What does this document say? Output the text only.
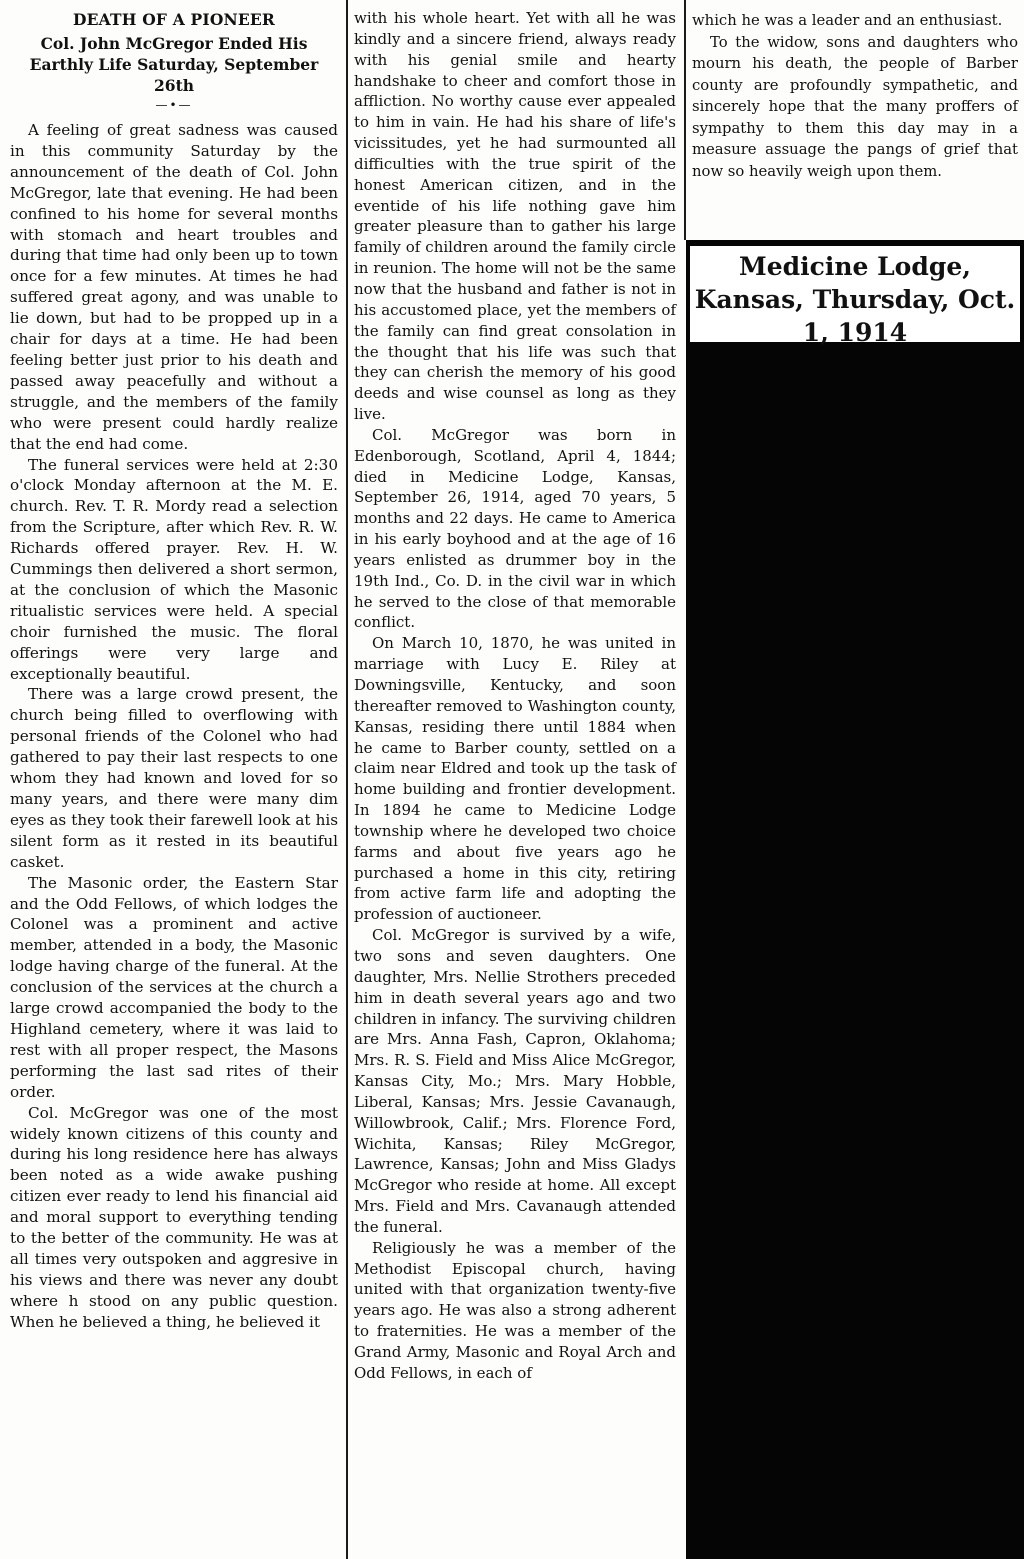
DEATH OF A PIONEER
Col. John McGregor Ended His Earthly Life Saturday, September 26th
—•—

A feeling of great sadness was caused in this community Saturday by the announcement of the death of Col. John McGregor, late that evening. He had been confined to his home for several months with stomach and heart troubles and during that time had only been up to town once for a few minutes. At times he had suffered great agony, and was unable to lie down, but had to be propped up in a chair for days at a time. He had been feeling better just prior to his death and passed away peacefully and without a struggle, and the members of the family who were present could hardly realize that the end had come.

The funeral services were held at 2:30 o'clock Monday afternoon at the M. E. church. Rev. T. R. Mordy read a selection from the Scripture, after which Rev. R. W. Richards offered prayer. Rev. H. W. Cummings then delivered a short sermon, at the conclusion of which the Masonic ritualistic services were held. A special choir furnished the music. The floral offerings were very large and exceptionally beautiful.

There was a large crowd present, the church being filled to overflowing with personal friends of the Colonel who had gathered to pay their last respects to one whom they had known and loved for so many years, and there were many dim eyes as they took their farewell look at his silent form as it rested in its beautiful casket.

The Masonic order, the Eastern Star and the Odd Fellows, of which lodges the Colonel was a prominent and active member, attended in a body, the Masonic lodge having charge of the funeral. At the conclusion of the services at the church a large crowd accompanied the body to the Highland cemetery, where it was laid to rest with all proper respect, the Masons performing the last sad rites of their order.

Col. McGregor was one of the most widely known citizens of this county and during his long residence here has always been noted as a wide awake pushing citizen ever ready to lend his financial aid and moral support to everything tending to the better of the community. He was at all times very outspoken and aggresive in his views and there was never any doubt where h stood on any public question. When he believed a thing, he believed it

with his whole heart. Yet with all he was kindly and a sincere friend, always ready with his genial smile and hearty handshake to cheer and comfort those in affliction. No worthy cause ever appealed to him in vain. He had his share of life's vicissitudes, yet he had surmounted all difficulties with the true spirit of the honest American citizen, and in the eventide of his life nothing gave him greater pleasure than to gather his large family of children around the family circle in reunion. The home will not be the same now that the husband and father is not in his accustomed place, yet the members of the family can find great consolation in the thought that his life was such that they can cherish the memory of his good deeds and wise counsel as long as they live.

Col. McGregor was born in Edenborough, Scotland, April 4, 1844; died in Medicine Lodge, Kansas, September 26, 1914, aged 70 years, 5 months and 22 days. He came to America in his early boyhood and at the age of 16 years enlisted as drummer boy in the 19th Ind., Co. D. in the civil war in which he served to the close of that memorable conflict.

On March 10, 1870, he was united in marriage with Lucy E. Riley at Downingsville, Kentucky, and soon thereafter removed to Washington county, Kansas, residing there until 1884 when he came to Barber county, settled on a claim near Eldred and took up the task of home building and frontier development. In 1894 he came to Medicine Lodge township where he developed two choice farms and about five years ago he purchased a home in this city, retiring from active farm life and adopting the profession of auctioneer.

Col. McGregor is survived by a wife, two sons and seven daughters. One daughter, Mrs. Nellie Strothers preceded him in death several years ago and two children in infancy. The surviving children are Mrs. Anna Fash, Capron, Oklahoma; Mrs. R. S. Field and Miss Alice McGregor, Kansas City, Mo.; Mrs. Mary Hobble, Liberal, Kansas; Mrs. Jessie Cavanaugh, Willowbrook, Calif.; Mrs. Florence Ford, Wichita, Kansas; Riley McGregor, Lawrence, Kansas; John and Miss Gladys McGregor who reside at home. All except Mrs. Field and Mrs. Cavanaugh attended the funeral.

Religiously he was a member of the Methodist Episcopal church, having united with that organization twenty-five years ago. He was also a strong adherent to fraternities. He was a member of the Grand Army, Masonic and Royal Arch and Odd Fellows, in each of

which he was a leader and an enthusiast.

To the widow, sons and daughters who mourn his death, the people of Barber county are profoundly sympathetic, and sincerely hope that the many proffers of sympathy to them this day may in a measure assuage the pangs of grief that now so heavily weigh upon them.

Medicine Lodge, Kansas, Thursday, Oct. 1, 1914
